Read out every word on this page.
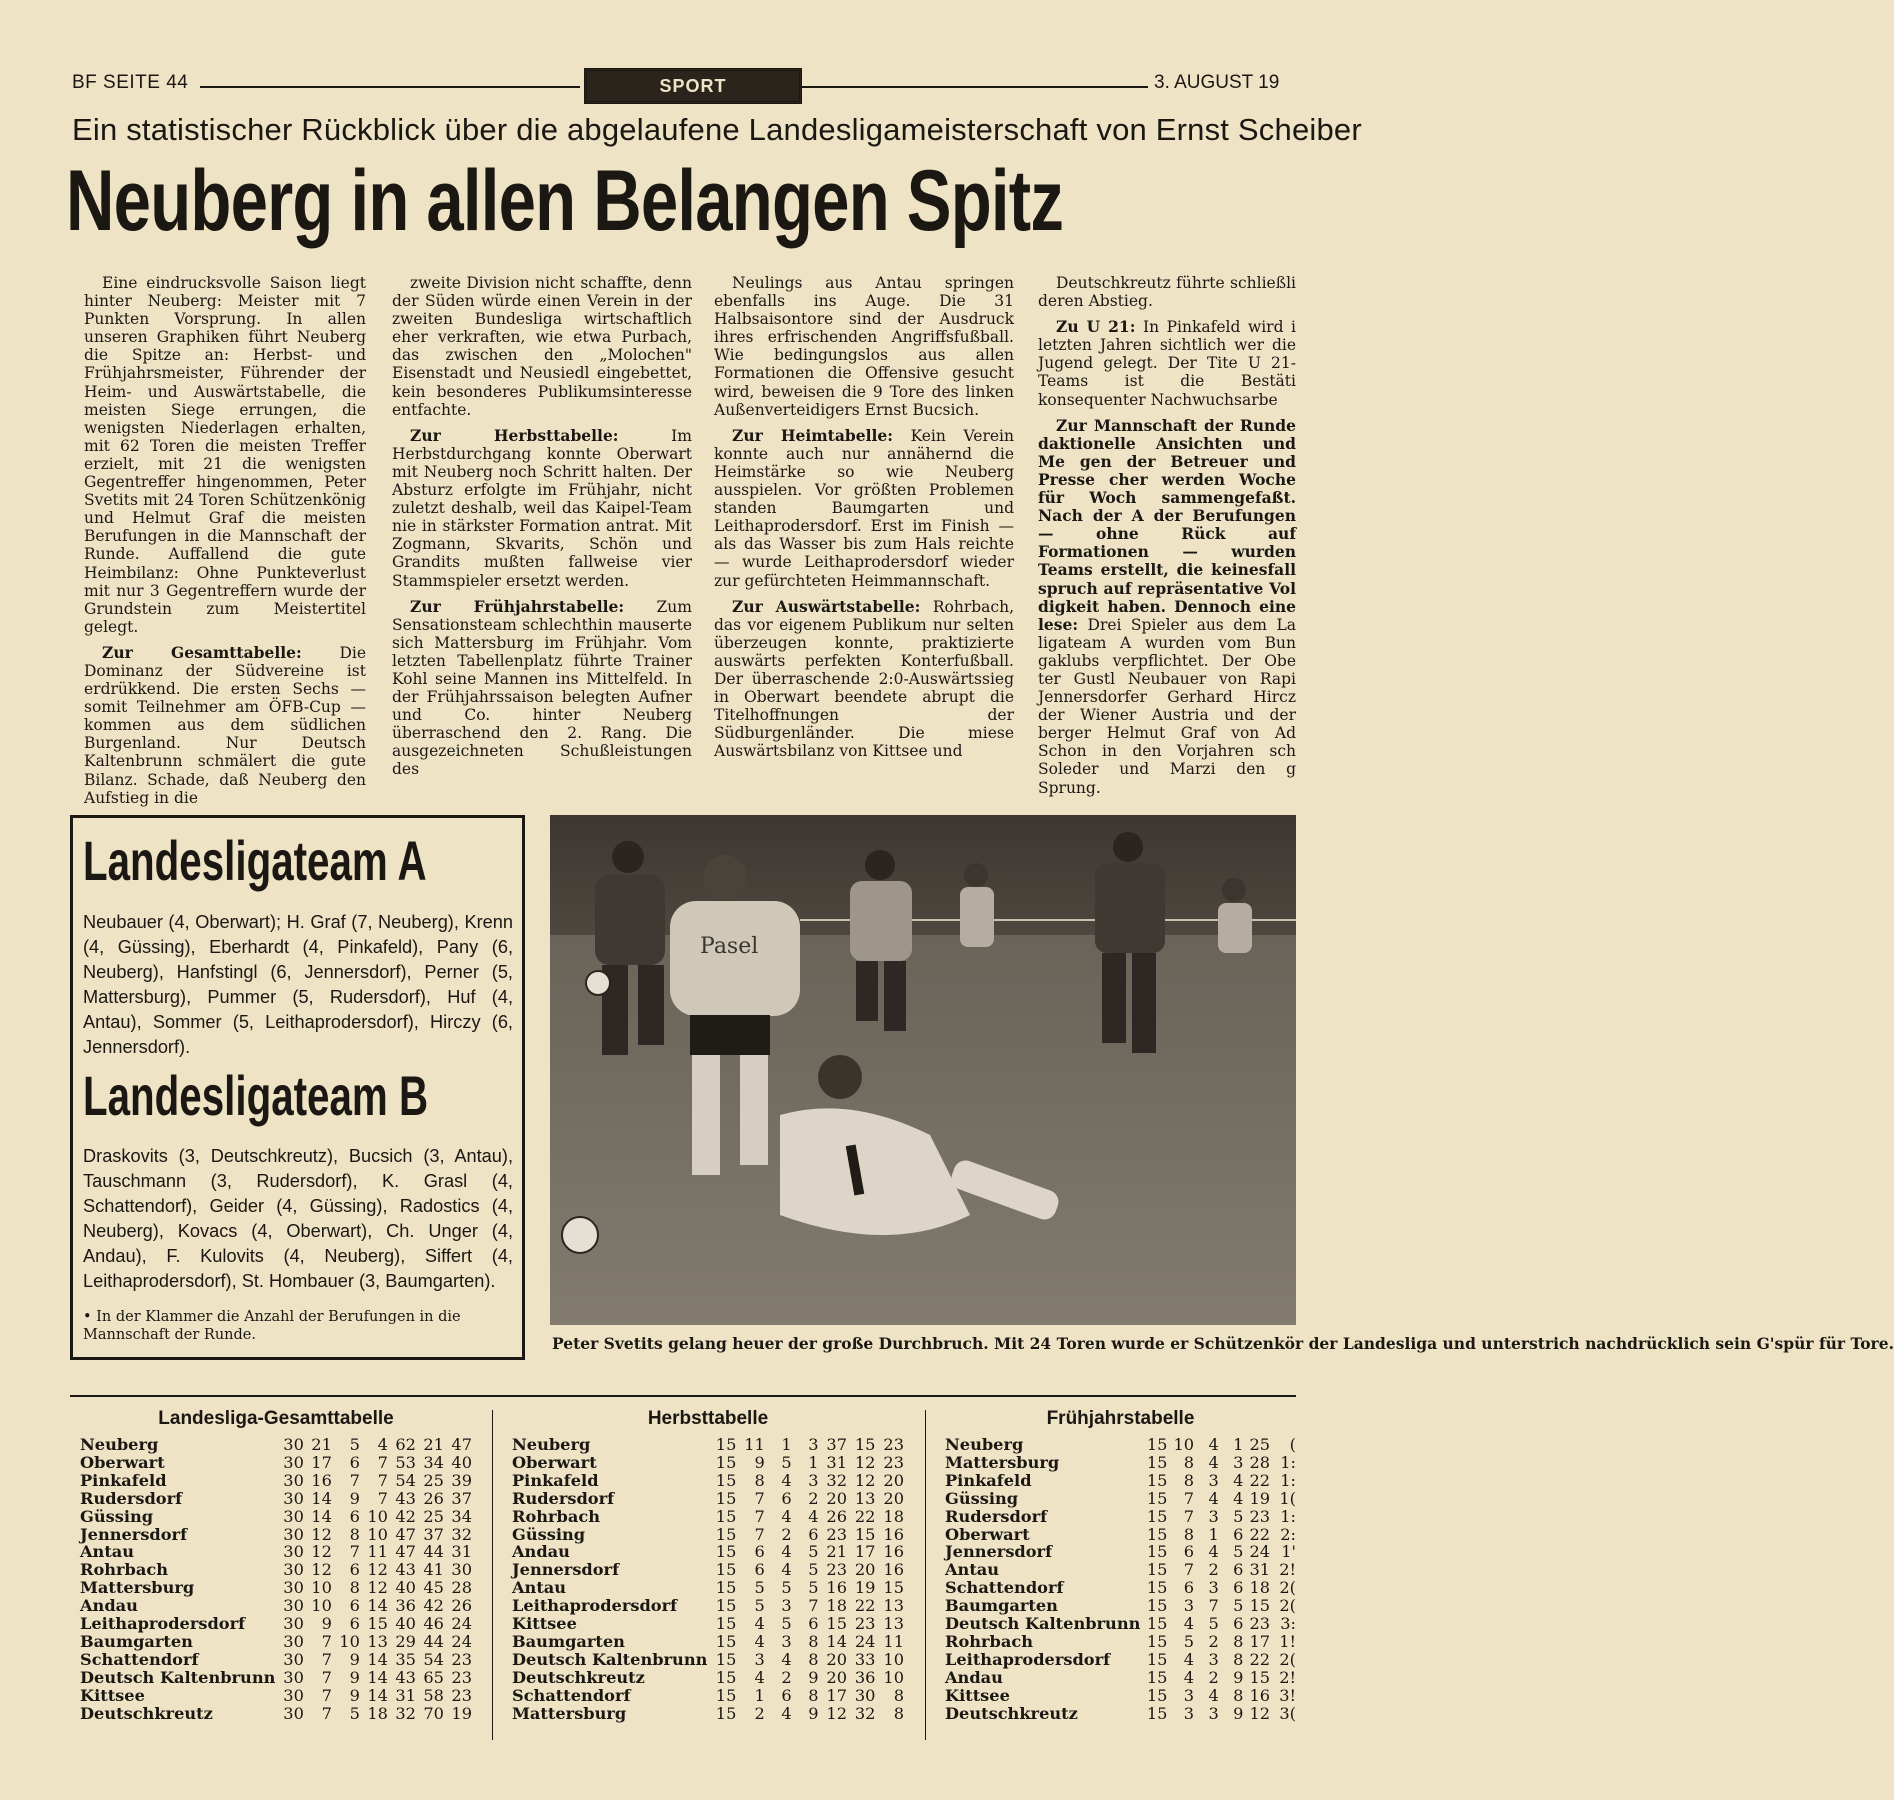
BF SEITE 44	SPORT	3. AUGUST 19
Ein statistischer Rückblick über die abgelaufene Landesligameisterschaft von Ernst Scheiber
Neuberg in allen Belangen Spitz

Eine eindrucksvolle Saison liegt hinter Neuberg: Meister mit 7 Punkten Vorsprung. In allen unseren Graphiken führt Neuberg die Spitze an: Herbst- und Frühjahrsmeister, Führender der Heim- und Auswärtstabelle, die meisten Siege errungen, die wenigsten Niederlagen erhalten, mit 62 Toren die meisten Treffer erzielt, mit 21 die wenigsten Gegentreffer hingenommen, Peter Svetits mit 24 Toren Schützenkönig und Helmut Graf die meisten Berufungen in die Mannschaft der Runde. Auffallend die gute Heimbilanz: Ohne Punkteverlust mit nur 3 Gegentreffern wurde der Grundstein zum Meistertitel gelegt.

Zur Gesamttabelle: Die Dominanz der Südvereine ist erdrükkend. Die ersten Sechs — somit Teilnehmer am ÖFB-Cup — kommen aus dem südlichen Burgenland. Nur Deutsch Kaltenbrunn schmälert die gute Bilanz. Schade, daß Neuberg den Aufstieg in die

zweite Division nicht schaffte, denn der Süden würde einen Verein in der zweiten Bundesliga wirtschaftlich eher verkraften, wie etwa Purbach, das zwischen den „Molochen" Eisenstadt und Neusiedl eingebettet, kein besonderes Publikumsinteresse entfachte.

Zur Herbsttabelle: Im Herbstdurchgang konnte Oberwart mit Neuberg noch Schritt halten. Der Absturz erfolgte im Frühjahr, nicht zuletzt deshalb, weil das Kaipel-Team nie in stärkster Formation antrat. Mit Zogmann, Skvarits, Schön und Grandits mußten fallweise vier Stammspieler ersetzt werden.

Zur Frühjahrstabelle: Zum Sensationsteam schlechthin mauserte sich Mattersburg im Frühjahr. Vom letzten Tabellenplatz führte Trainer Kohl seine Mannen ins Mittelfeld. In der Frühjahrssaison belegten Aufner und Co. hinter Neuberg überraschend den 2. Rang. Die ausgezeichneten Schußleistungen des

Neulings aus Antau springen ebenfalls ins Auge. Die 31 Halbsaisontore sind der Ausdruck ihres erfrischenden Angriffsfußball. Wie bedingungslos aus allen Formationen die Offensive gesucht wird, beweisen die 9 Tore des linken Außenverteidigers Ernst Bucsich.

Zur Heimtabelle: Kein Verein konnte auch nur annähernd die Heimstärke so wie Neuberg ausspielen. Vor größten Problemen standen Baumgarten und Leithaprodersdorf. Erst im Finish — als das Wasser bis zum Hals reichte — wurde Leithaprodersdorf wieder zur gefürchteten Heimmannschaft.

Zur Auswärtstabelle: Rohrbach, das vor eigenem Publikum nur selten überzeugen konnte, praktizierte auswärts perfekten Konterfußball. Der überraschende 2:0-Auswärtssieg in Oberwart beendete abrupt die Titelhoffnungen der Südburgenländer. Die miese Auswärtsbilanz von Kittsee und

Deutschkreutz führte schließli deren Abstieg.

Zu U 21: In Pinkafeld wird i letzten Jahren sichtlich wer die Jugend gelegt. Der Tite U 21-Teams ist die Bestäti konsequenter Nachwuchsarbe

Zur Mannschaft der Runde daktionelle Ansichten und Me gen der Betreuer und Presse cher werden Woche für Woch sammengefaßt. Nach der A der Berufungen — ohne Rück auf Formationen — wurden Teams erstellt, die keinesfall spruch auf repräsentative Vol digkeit haben. Dennoch eine lese: Drei Spieler aus dem La ligateam A wurden vom Bun gaklubs verpflichtet. Der Obe ter Gustl Neubauer von Rapi Jennersdorfer Gerhard Hircz der Wiener Austria und der berger Helmut Graf von Ad Schon in den Vorjahren sch Soleder und Marzi den g Sprung.

Landesligateam A
Neubauer (4, Oberwart); H. Graf (7, Neuberg), Krenn (4, Güssing), Eberhardt (4, Pinkafeld), Pany (6, Neuberg), Hanfstingl (6, Jennersdorf), Perner (5, Mattersburg), Pummer (5, Rudersdorf), Huf (4, Antau), Sommer (5, Leithaprodersdorf), Hirczy (6, Jennersdorf).
Landesligateam B
Draskovits (3, Deutschkreutz), Bucsich (3, Antau), Tauschmann (3, Rudersdorf), K. Grasl (4, Schattendorf), Geider (4, Güssing), Radostics (4, Neuberg), Kovacs (4, Oberwart), Ch. Unger (4, Andau), F. Kulovits (4, Neuberg), Siffert (4, Leithaprodersdorf), St. Hombauer (3, Baumgarten).
• In der Klammer die Anzahl der Berufungen in die Mannschaft der Runde.
Pasel
Peter Svetits gelang heuer der große Durchbruch. Mit 24 Toren wurde er Schützenkör der Landesliga und unterstrich nachdrücklich sein G'spür für Tore.
Landesliga-Gesamttabelle
Neuberg	30	21	5	4	62	21	47
Oberwart	30	17	6	7	53	34	40
Pinkafeld	30	16	7	7	54	25	39
Rudersdorf	30	14	9	7	43	26	37
Güssing	30	14	6	10	42	25	34
Jennersdorf	30	12	8	10	47	37	32
Antau	30	12	7	11	47	44	31
Rohrbach	30	12	6	12	43	41	30
Mattersburg	30	10	8	12	40	45	28
Andau	30	10	6	14	36	42	26
Leithaprodersdorf	30	9	6	15	40	46	24
Baumgarten	30	7	10	13	29	44	24
Schattendorf	30	7	9	14	35	54	23
Deutsch Kaltenbrunn	30	7	9	14	43	65	23
Kittsee	30	7	9	14	31	58	23
Deutschkreutz	30	7	5	18	32	70	19
Herbsttabelle
Neuberg	15	11	1	3	37	15	23
Oberwart	15	9	5	1	31	12	23
Pinkafeld	15	8	4	3	32	12	20
Rudersdorf	15	7	6	2	20	13	20
Rohrbach	15	7	4	4	26	22	18
Güssing	15	7	2	6	23	15	16
Andau	15	6	4	5	21	17	16
Jennersdorf	15	6	4	5	23	20	16
Antau	15	5	5	5	16	19	15
Leithaprodersdorf	15	5	3	7	18	22	13
Kittsee	15	4	5	6	15	23	13
Baumgarten	15	4	3	8	14	24	11
Deutsch Kaltenbrunn	15	3	4	8	20	33	10
Deutschkreutz	15	4	2	9	20	36	10
Schattendorf	15	1	6	8	17	30	8
Mattersburg	15	2	4	9	12	32	8
Frühjahrstabelle
Neuberg	15	10	4	1	25	(
Mattersburg	15	8	4	3	28	1:
Pinkafeld	15	8	3	4	22	1:
Güssing	15	7	4	4	19	1(
Rudersdorf	15	7	3	5	23	1:
Oberwart	15	8	1	6	22	2:
Jennersdorf	15	6	4	5	24	1'
Antau	15	7	2	6	31	2!
Schattendorf	15	6	3	6	18	2(
Baumgarten	15	3	7	5	15	2(
Deutsch Kaltenbrunn	15	4	5	6	23	3:
Rohrbach	15	5	2	8	17	1!
Leithaprodersdorf	15	4	3	8	22	2(
Andau	15	4	2	9	15	2!
Kittsee	15	3	4	8	16	3!
Deutschkreutz	15	3	3	9	12	3(
